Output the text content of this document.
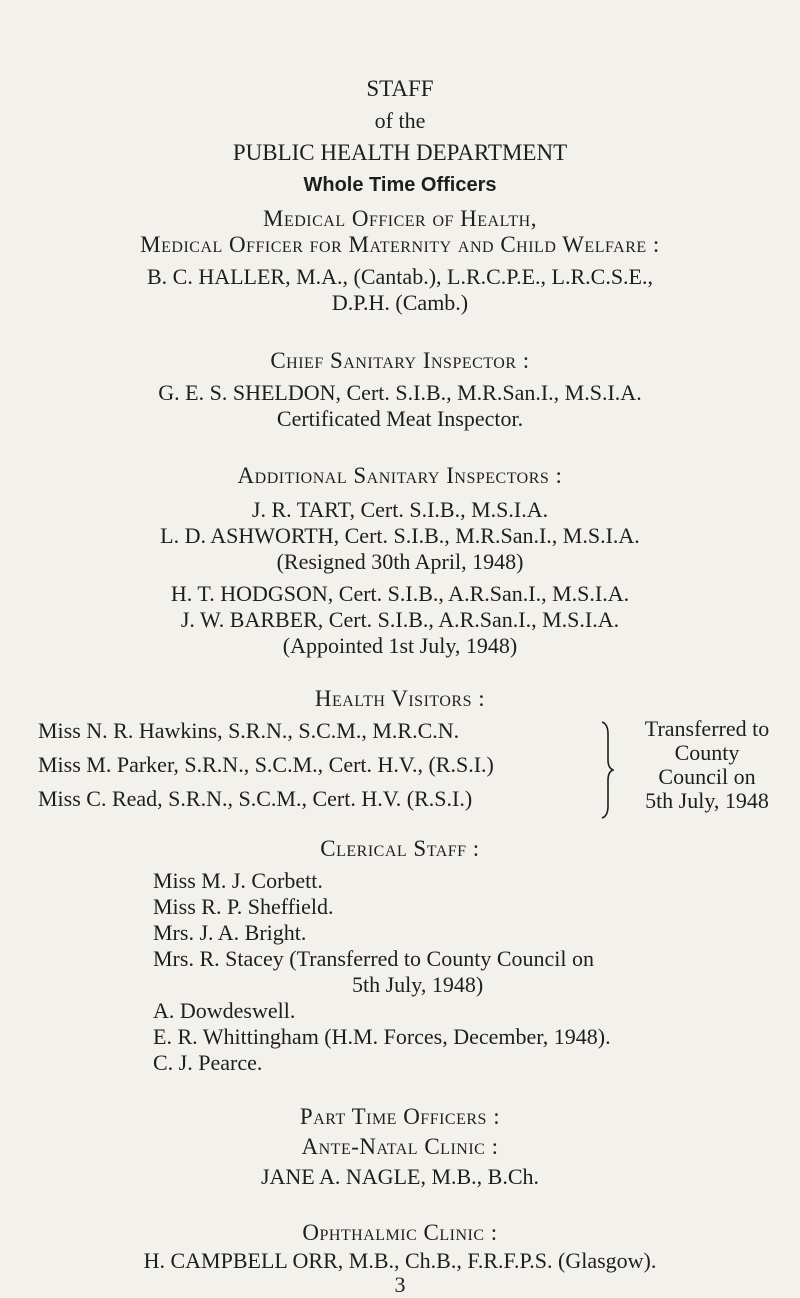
STAFF
of the
PUBLIC HEALTH DEPARTMENT
Whole Time Officers
Medical Officer of Health,
Medical Officer for Maternity and Child Welfare :
B. C. HALLER, M.A., (Cantab.), L.R.C.P.E., L.R.C.S.E.,
D.P.H. (Camb.)
Chief Sanitary Inspector :
G. E. S. SHELDON, Cert. S.I.B., M.R.San.I., M.S.I.A.
Certificated Meat Inspector.
Additional Sanitary Inspectors :
J. R. TART, Cert. S.I.B., M.S.I.A.
L. D. ASHWORTH, Cert. S.I.B., M.R.San.I., M.S.I.A.
(Resigned 30th April, 1948)
H. T. HODGSON, Cert. S.I.B., A.R.San.I., M.S.I.A.
J. W. BARBER, Cert. S.I.B., A.R.San.I., M.S.I.A.
(Appointed 1st July, 1948)
Health Visitors :
Miss N. R. Hawkins, S.R.N., S.C.M., M.R.C.N.
Miss M. Parker, S.R.N., S.C.M., Cert. H.V., (R.S.I.)
Miss C. Read, S.R.N., S.C.M., Cert. H.V. (R.S.I.)
Transferred to
County
Council on
5th July, 1948
Clerical Staff :
Miss M. J. Corbett.
Miss R. P. Sheffield.
Mrs. J. A. Bright.
Mrs. R. Stacey (Transferred to County Council on
5th July, 1948)
A. Dowdeswell.
E. R. Whittingham (H.M. Forces, December, 1948).
C. J. Pearce.
Part Time Officers :
Ante-Natal Clinic :
JANE A. NAGLE, M.B., B.Ch.
Ophthalmic Clinic :
H. CAMPBELL ORR, M.B., Ch.B., F.R.F.P.S. (Glasgow).
3
